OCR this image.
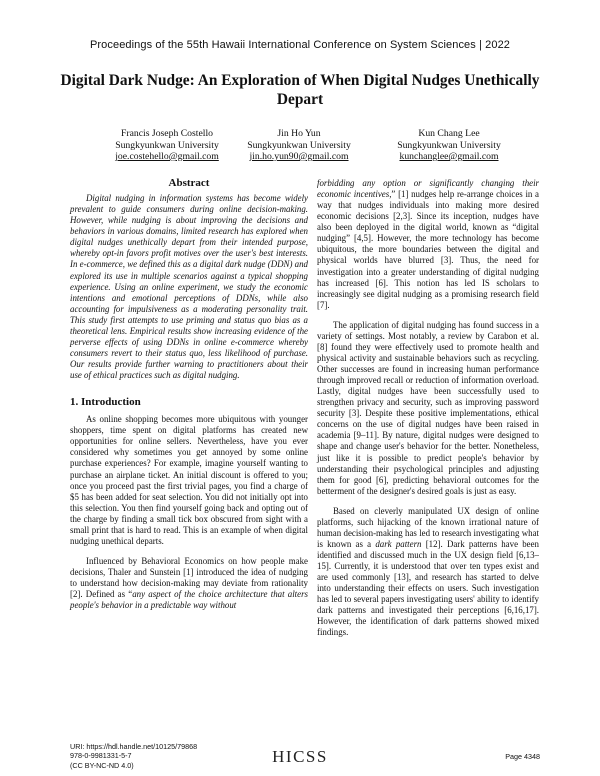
Proceedings of the 55th Hawaii International Conference on System Sciences | 2022
Digital Dark Nudge: An Exploration of When Digital Nudges Unethically Depart
Francis Joseph Costello
Sungkyunkwan University
joe.costehello@gmail.com
Jin Ho Yun
Sungkyunkwan University
jin.ho.yun90@gmail.com
Kun Chang Lee
Sungkyunkwan University
kunchanglee@gmail.com
Abstract

Digital nudging in information systems has become widely prevalent to guide consumers during online decision-making. However, while nudging is about improving the decisions and behaviors in various domains, limited research has explored when digital nudges unethically depart from their intended purpose, whereby opt-in favors profit motives over the user's best interests. In e-commerce, we defined this as a digital dark nudge (DDN) and explored its use in multiple scenarios against a typical shopping experience. Using an online experiment, we study the economic intentions and emotional perceptions of DDNs, while also accounting for impulsiveness as a moderating personality trait. This study first attempts to use priming and status quo bias as a theoretical lens. Empirical results show increasing evidence of the perverse effects of using DDNs in online e-commerce whereby consumers revert to their status quo, less likelihood of purchase. Our results provide further warning to practitioners about their use of ethical practices such as digital nudging.

1. Introduction

As online shopping becomes more ubiquitous with younger shoppers, time spent on digital platforms has created new opportunities for online sellers. Nevertheless, have you ever considered why sometimes you get annoyed by some online purchase experiences? For example, imagine yourself wanting to purchase an airplane ticket. An initial discount is offered to you; once you proceed past the first trivial pages, you find a charge of $5 has been added for seat selection. You did not initially opt into this selection. You then find yourself going back and opting out of the charge by finding a small tick box obscured from sight with a small print that is hard to read. This is an example of when digital nudging unethical departs.

Influenced by Behavioral Economics on how people make decisions, Thaler and Sunstein [1] introduced the idea of nudging to understand how decision-making may deviate from rationality [2]. Defined as “any aspect of the choice architecture that alters people's behavior in a predictable way without

forbidding any option or significantly changing their economic incentives,” [1] nudges help re-arrange choices in a way that nudges individuals into making more desired economic decisions [2,3]. Since its inception, nudges have also been deployed in the digital world, known as “digital nudging” [4,5]. However, the more technology has become ubiquitous, the more boundaries between the digital and physical worlds have blurred [3]. Thus, the need for investigation into a greater understanding of digital nudging has increased [6]. This notion has led IS scholars to increasingly see digital nudging as a promising research field [7].

The application of digital nudging has found success in a variety of settings. Most notably, a review by Carabon et al. [8] found they were effectively used to promote health and physical activity and sustainable behaviors such as recycling. Other successes are found in increasing human performance through improved recall or reduction of information overload. Lastly, digital nudges have been successfully used to strengthen privacy and security, such as improving password security [3]. Despite these positive implementations, ethical concerns on the use of digital nudges have been raised in academia [9–11]. By nature, digital nudges were designed to shape and change user's behavior for the better. Nonetheless, just like it is possible to predict people's behavior by understanding their psychological principles and adjusting them for good [6], predicting behavioral outcomes for the betterment of the designer's desired goals is just as easy.

Based on cleverly manipulated UX design of online platforms, such hijacking of the known irrational nature of human decision-making has led to research investigating what is known as a dark pattern [12]. Dark patterns have been identified and discussed much in the UX design field [6,13–15]. Currently, it is understood that over ten types exist and are used commonly [13], and research has started to delve into understanding their effects on users. Such investigation has led to several papers investigating users' ability to identify dark patterns and investigated their perceptions [6,16,17]. However, the identification of dark patterns showed mixed findings.

URI: https://hdl.handle.net/10125/79868
978-0-9981331-5-7
(CC BY-NC-ND 4.0)	HICSS	Page 4348
